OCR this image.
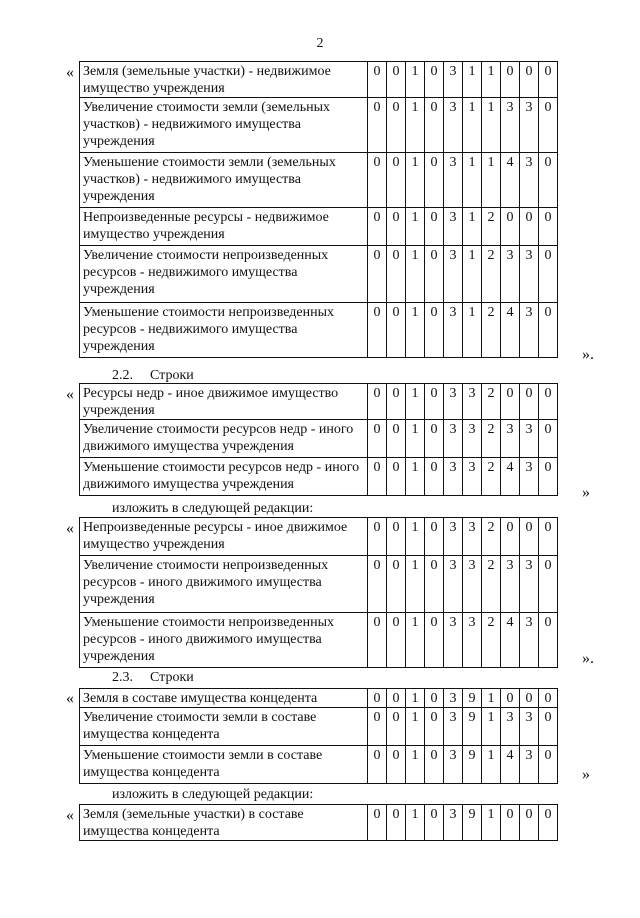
2
« Земля (земельные участки) - недвижимое имущество учреждения	0	0	1	0	3	1	1	0	0	0
Увеличение стоимости земли (земельных участков) - недвижимого имущества учреждения	0	0	1	0	3	1	1	3	3	0
Уменьшение стоимости земли (земельных участков) - недвижимого имущества учреждения	0	0	1	0	3	1	1	4	3	0
Непроизведенные ресурсы - недвижимое имущество учреждения	0	0	1	0	3	1	2	0	0	0
Увеличение стоимости непроизведенных ресурсов - недвижимого имущества учреждения	0	0	1	0	3	1	2	3	3	0
Уменьшение стоимости непроизведенных ресурсов - недвижимого имущества учреждения	0	0	1	0	3	1	2	4	3	0
».
2.2. Строки
« Ресурсы недр - иное движимое имущество учреждения	0	0	1	0	3	3	2	0	0	0
Увеличение стоимости ресурсов недр - иного движимого имущества учреждения	0	0	1	0	3	3	2	3	3	0
Уменьшение стоимости ресурсов недр - иного движимого имущества учреждения	0	0	1	0	3	3	2	4	3	0
»
изложить в следующей редакции:
« Непроизведенные ресурсы - иное движимое имущество учреждения	0	0	1	0	3	3	2	0	0	0
Увеличение стоимости непроизведенных ресурсов - иного движимого имущества учреждения	0	0	1	0	3	3	2	3	3	0
Уменьшение стоимости непроизведенных ресурсов - иного движимого имущества учреждения	0	0	1	0	3	3	2	4	3	0
».
2.3. Строки
« Земля в составе имущества концедента	0	0	1	0	3	9	1	0	0	0
Увеличение стоимости земли в составе имущества концедента	0	0	1	0	3	9	1	3	3	0
Уменьшение стоимости земли в составе имущества концедента	0	0	1	0	3	9	1	4	3	0
»
изложить в следующей редакции:
« Земля (земельные участки) в составе имущества концедента	0	0	1	0	3	9	1	0	0	0
